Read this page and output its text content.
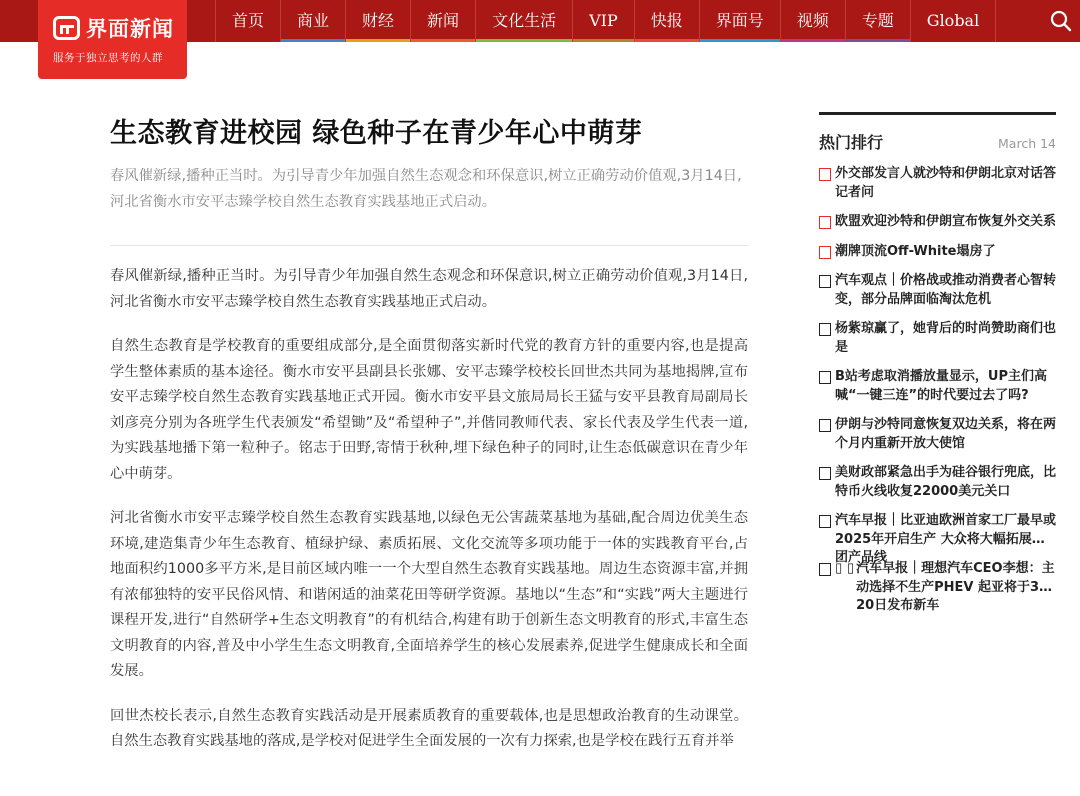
首页	商业	财经	新闻	文化生活	VIP	快报	界面号	视频	专题	Global
界面新闻
服务于独立思考的人群
生态教育进校园 绿色种子在青少年心中萌芽
春风催新绿,播种正当时。为引导青少年加强自然生态观念和环保意识,树立正确劳动价值观,3月14日,河北省衡水市安平志臻学校自然生态教育实践基地正式启动。

春风催新绿,播种正当时。为引导青少年加强自然生态观念和环保意识,树立正确劳动价值观,3月14日,河北省衡水市安平志臻学校自然生态教育实践基地正式启动。

自然生态教育是学校教育的重要组成部分,是全面贯彻落实新时代党的教育方针的重要内容,也是提高学生整体素质的基本途径。衡水市安平县副县长张娜、安平志臻学校校长回世杰共同为基地揭牌,宣布安平志臻学校自然生态教育实践基地正式开园。衡水市安平县文旅局局长王猛与安平县教育局副局长刘彦亮分别为各班学生代表颁发“希望锄”及“希望种子”,并偕同教师代表、家长代表及学生代表一道,为实践基地播下第一粒种子。铭志于田野,寄情于秋种,埋下绿色种子的同时,让生态低碳意识在青少年心中萌芽。

河北省衡水市安平志臻学校自然生态教育实践基地,以绿色无公害蔬菜基地为基础,配合周边优美生态环境,建造集青少年生态教育、植绿护绿、素质拓展、文化交流等多项功能于一体的实践教育平台,占地面积约1000多平方米,是目前区域内唯一一个大型自然生态教育实践基地。周边生态资源丰富,并拥有浓郁独特的安平民俗风情、和谐闲适的油菜花田等研学资源。基地以“生态”和“实践”两大主题进行课程开发,进行“自然研学+生态文明教育”的有机结合,构建有助于创新生态文明教育的形式,丰富生态文明教育的内容,普及中小学生生态文明教育,全面培养学生的核心发展素养,促进学生健康成长和全面发展。

回世杰校长表示,自然生态教育实践活动是开展素质教育的重要载体,也是思想政治教育的生动课堂。自然生态教育实践基地的落成,是学校对促进学生全面发展的一次有力探索,也是学校在践行五育并举

热门排行	March 14
外交部发言人就沙特和伊朗北京对话答记者问
欧盟欢迎沙特和伊朗宣布恢复外交关系
潮牌顶流Off-White塌房了
汽车观点｜价格战或推动消费者心智转变，部分品牌面临淘汰危机
杨紫琼赢了，她背后的时尚赞助商们也是
B站考虑取消播放量显示，UP主们高喊“一键三连”的时代要过去了吗?
伊朗与沙特同意恢复双边关系，将在两个月内重新开放大使馆
美财政部紧急出手为硅谷银行兜底，比特币火线收复22000美元关口
汽车早报｜比亚迪欧洲首家工厂最早或2025年开启生产 大众将大幅拓展集团产品线
▯ ▯ 汽车早报｜理想汽车CEO李想：主动选择不生产PHEV 起亚将于3月20日发布新车
